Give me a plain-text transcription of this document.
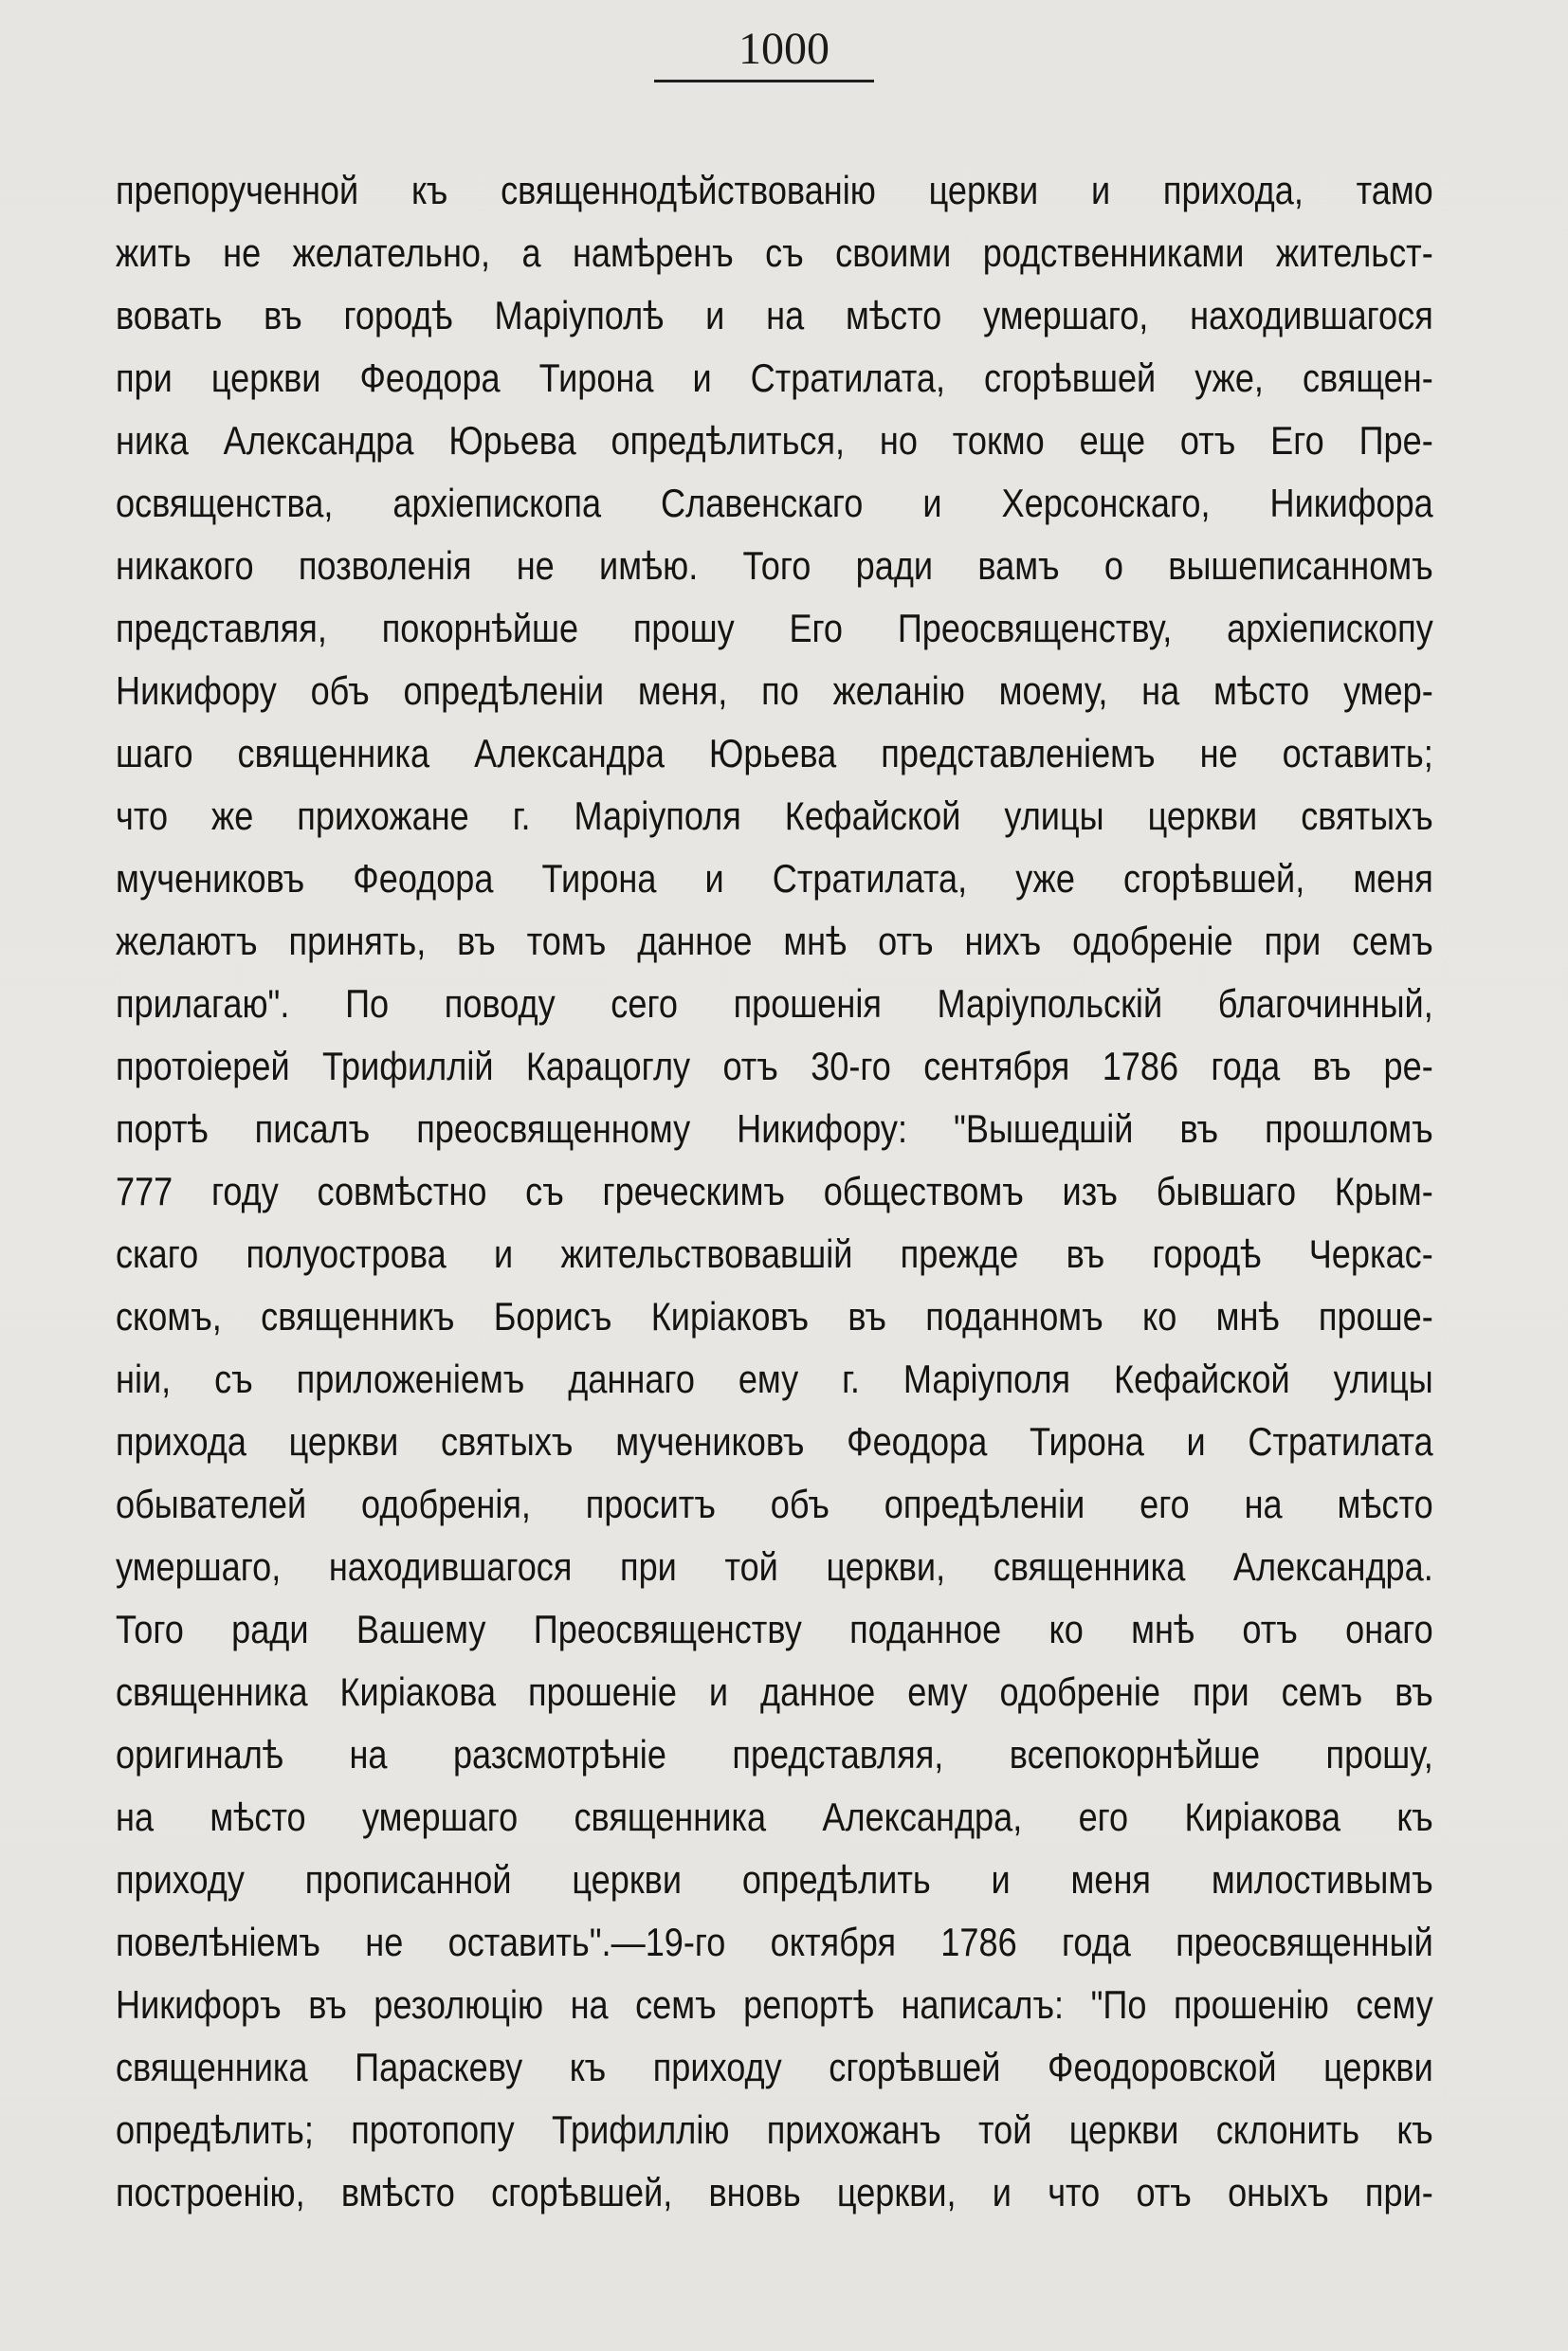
1000
препорученной къ священнодѣйствованію церкви и прихода, тамо
жить не желательно, а намѣренъ съ своими родственниками жительст-
вовать въ городѣ Маріуполѣ и на мѣсто умершаго, находившагося
при церкви Феодора Тирона и Стратилата, сгорѣвшей уже, священ-
ника Александра Юрьева опредѣлиться, но токмо еще отъ Его Пре-
освященства, архіепископа Славенскаго и Херсонскаго, Никифора
никакого позволенія не имѣю. Того ради вамъ о вышеписанномъ
представляя, покорнѣйше прошу Его Преосвященству, архіепископу
Никифору объ опредѣленіи меня, по желанію моему, на мѣсто умер-
шаго священника Александра Юрьева представленіемъ не оставить;
что же прихожане г. Маріуполя Кефайской улицы церкви святыхъ
мучениковъ Феодора Тирона и Стратилата, уже сгорѣвшей, меня
желаютъ принять, въ томъ данное мнѣ отъ нихъ одобреніе при семъ
прилагаю". По поводу сего прошенія Маріупольскій благочинный,
протоіерей Трифиллій Карацоглу отъ 30-го сентября 1786 года въ ре-
портѣ писалъ преосвященному Никифору: "Вышедшій въ прошломъ
777 году совмѣстно съ греческимъ обществомъ изъ бывшаго Крым-
скаго полуострова и жительствовавшій прежде въ городѣ Черкас-
скомъ, священникъ Борисъ Киріаковъ въ поданномъ ко мнѣ проше-
ніи, съ приложеніемъ даннаго ему г. Маріуполя Кефайской улицы
прихода церкви святыхъ мучениковъ Феодора Тирона и Стратилата
обывателей одобренія, проситъ объ опредѣленіи его на мѣсто
умершаго, находившагося при той церкви, священника Александра.
Того ради Вашему Преосвященству поданное ко мнѣ отъ онаго
священника Киріакова прошеніе и данное ему одобреніе при семъ въ
оригиналѣ на разсмотрѣніе представляя, всепокорнѣйше прошу,
на мѣсто умершаго священника Александра, его Киріакова къ
приходу прописанной церкви опредѣлить и меня милостивымъ
повелѣніемъ не оставить".—19-го октября 1786 года преосвященный
Никифоръ въ резолюцію на семъ репортѣ написалъ: "По прошенію сему
священника Параскеву къ приходу сгорѣвшей Феодоровской церкви
опредѣлить; протопопу Трифиллію прихожанъ той церкви склонить къ
построенію, вмѣсто сгорѣвшей, вновь церкви, и что отъ оныхъ при-
